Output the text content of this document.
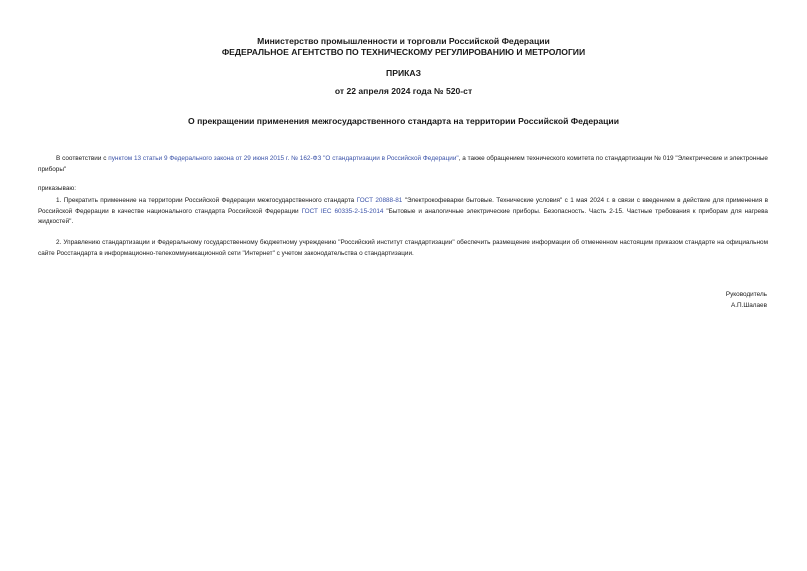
Министерство промышленности и торговли Российской Федерации
ФЕДЕРАЛЬНОЕ АГЕНТСТВО ПО ТЕХНИЧЕСКОМУ РЕГУЛИРОВАНИЮ И МЕТРОЛОГИИ
ПРИКАЗ
от 22 апреля 2024 года № 520-ст
О прекращении применения межгосударственного стандарта на территории Российской Федерации
В соответствии с пунктом 13 статьи 9 Федерального закона от 29 июня 2015 г. № 162-ФЗ "О стандартизации в Российской Федерации", а также обращением технического комитета по стандартизации № 019 "Электрические и электронные приборы"
приказываю:
1. Прекратить применение на территории Российской Федерации межгосударственного стандарта ГОСТ 20888-81 "Электрокофеварки бытовые. Технические условия" с 1 мая 2024 г. в связи с введением в действие для применения в Российской Федерации в качестве национального стандарта Российской Федерации ГОСТ IEC 60335-2-15-2014 "Бытовые и аналогичные электрические приборы. Безопасность. Часть 2-15. Частные требования к приборам для нагрева жидкостей".
2. Управлению стандартизации и Федеральному государственному бюджетному учреждению "Российский институт стандартизации" обеспечить размещение информации об отмененном настоящим приказом стандарте на официальном сайте Росстандарта в информационно-телекоммуникационной сети "Интернет" с учетом законодательства о стандартизации.
Руководитель
А.П.Шалаев
